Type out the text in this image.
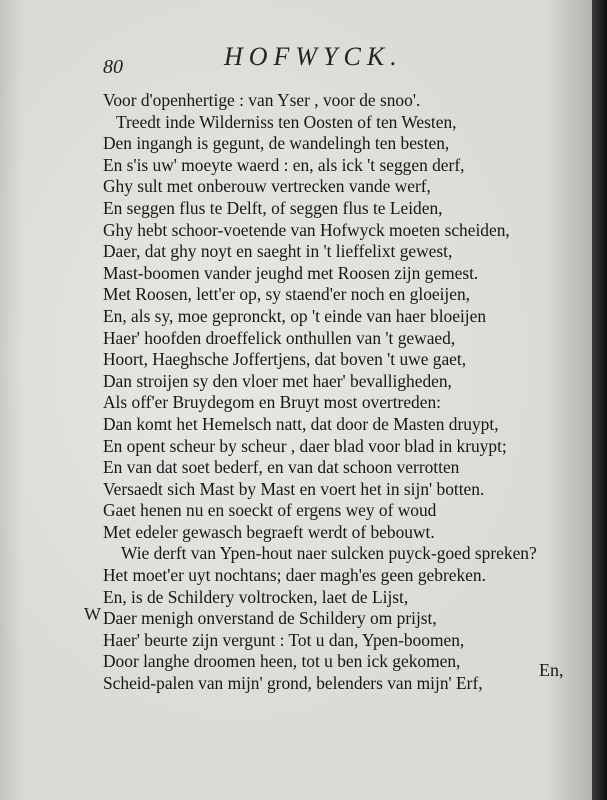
80	HOFWYCK.
Voor d'openhertige : van Yser , voor de snoo'.
Treedt inde Wilderniss ten Oosten of ten Westen,
Den ingangh is gegunt, de wandelingh ten besten,
En s'is uw' moeyte waerd : en, als ick 't seggen derf,
Ghy sult met onberouw vertrecken vande werf,
En seggen flus te Delft, of seggen flus te Leiden,
Ghy hebt schoor-voetende van Hofwyck moeten scheiden,
Daer, dat ghy noyt en saeght in 't lieffelixt gewest,
Mast-boomen vander jeughd met Roosen zijn gemest.
Met Roosen, lett'er op, sy staend'er noch en gloeijen,
En, als sy, moe gepronckt, op 't einde van haer bloeijen
Haer' hoofden droeffelick onthullen van 't gewaed,
Hoort, Haeghsche Joffertjens, dat boven 't uwe gaet,
Dan stroijen sy den vloer met haer' bevalligheden,
Als off'er Bruydegom en Bruyt most overtreden:
Dan komt het Hemelsch natt, dat door de Masten druypt,
En opent scheur by scheur , daer blad voor blad in kruypt;
En van dat soet bederf, en van dat schoon verrotten
Versaedt sich Mast by Mast en voert het in sijn' botten.
Gaet henen nu en soeckt of ergens wey of woud
Met edeler gewasch begraeft werdt of bebouwt.
Wie derft van Ypen-hout naer sulcken puyck-goed spreken?
Het moet'er uyt nochtans; daer magh'es geen gebreken.
En, is de Schildery voltrocken, laet de Lijst,
Daer menigh onverstand de Schildery om prijst,
Haer' beurte zijn vergunt : Tot u dan, Ypen-boomen,
Door langhe droomen heen, tot u ben ick gekomen,
Scheid-palen van mijn' grond, belenders van mijn' Erf,
W
En,
